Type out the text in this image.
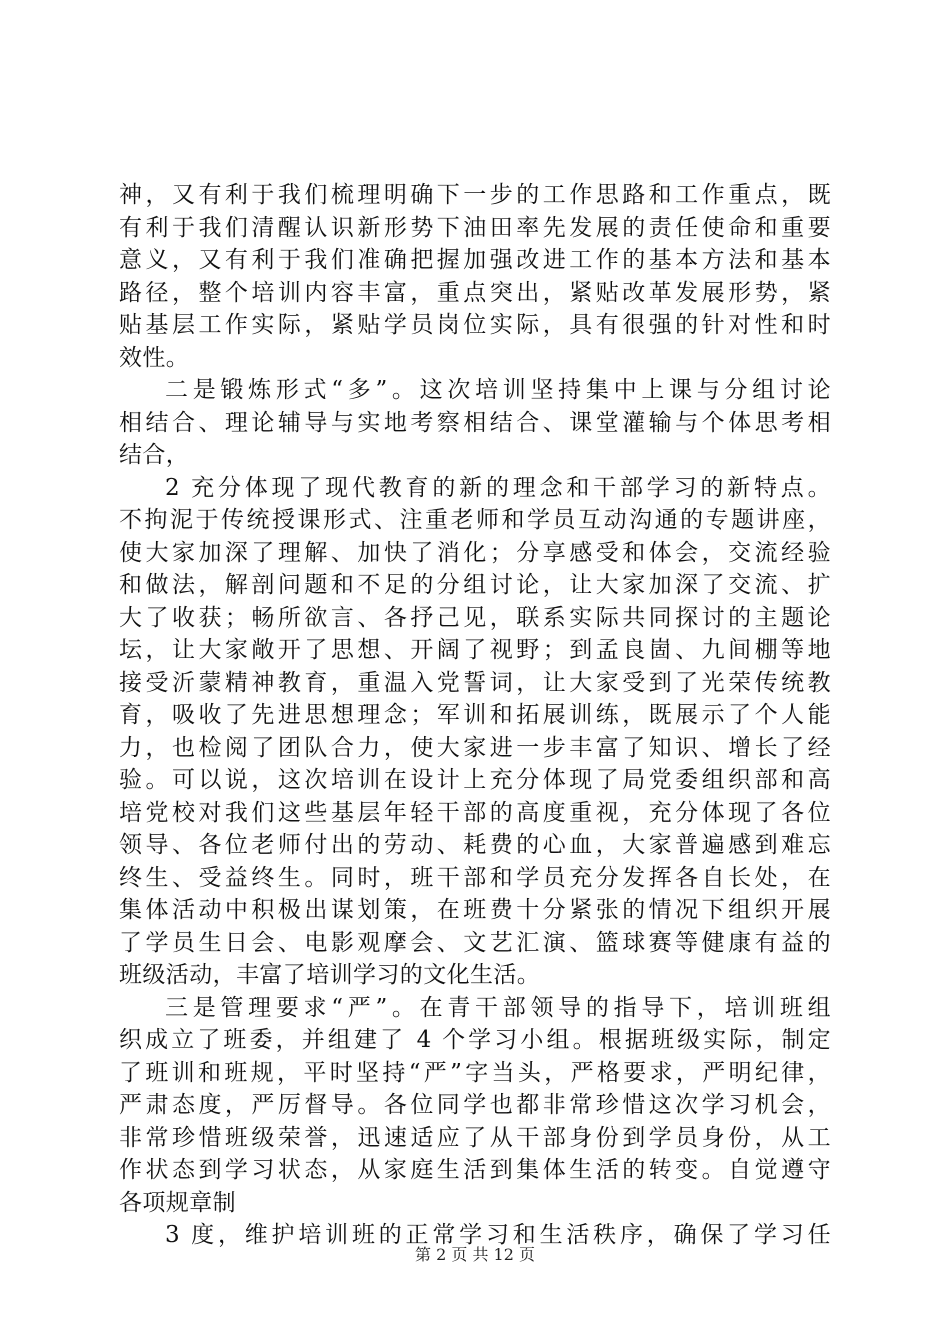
神，又有利于我们梳理明确下一步的工作思路和工作重点，既
有利于我们清醒认识新形势下油田率先发展的责任使命和重要
意义，又有利于我们准确把握加强改进工作的基本方法和基本
路径，整个培训内容丰富，重点突出，紧贴改革发展形势，紧
贴基层工作实际，紧贴学员岗位实际，具有很强的针对性和时
效性。
二是锻炼形式“多”。这次培训坚持集中上课与分组讨论
相结合、理论辅导与实地考察相结合、课堂灌输与个体思考相
结合，
2 充分体现了现代教育的新的理念和干部学习的新特点。
不拘泥于传统授课形式、注重老师和学员互动沟通的专题讲座，
使大家加深了理解、加快了消化；分享感受和体会，交流经验
和做法，解剖问题和不足的分组讨论，让大家加深了交流、扩
大了收获；畅所欲言、各抒己见，联系实际共同探讨的主题论
坛，让大家敞开了思想、开阔了视野；到孟良崮、九间棚等地
接受沂蒙精神教育，重温入党誓词，让大家受到了光荣传统教
育，吸收了先进思想理念；军训和拓展训练，既展示了个人能
力，也检阅了团队合力，使大家进一步丰富了知识、增长了经
验。可以说，这次培训在设计上充分体现了局党委组织部和高
培党校对我们这些基层年轻干部的高度重视，充分体现了各位
领导、各位老师付出的劳动、耗费的心血，大家普遍感到难忘
终生、受益终生。同时，班干部和学员充分发挥各自长处，在
集体活动中积极出谋划策，在班费十分紧张的情况下组织开展
了学员生日会、电影观摩会、文艺汇演、篮球赛等健康有益的
班级活动，丰富了培训学习的文化生活。
三是管理要求“严”。在青干部领导的指导下，培训班组
织成立了班委，并组建了 4 个学习小组。根据班级实际，制定
了班训和班规，平时坚持“严”字当头，严格要求，严明纪律，
严肃态度，严厉督导。各位同学也都非常珍惜这次学习机会，
非常珍惜班级荣誉，迅速适应了从干部身份到学员身份，从工
作状态到学习状态，从家庭生活到集体生活的转变。自觉遵守
各项规章制
3 度，维护培训班的正常学习和生活秩序，确保了学习任
第 2 页 共 12 页
